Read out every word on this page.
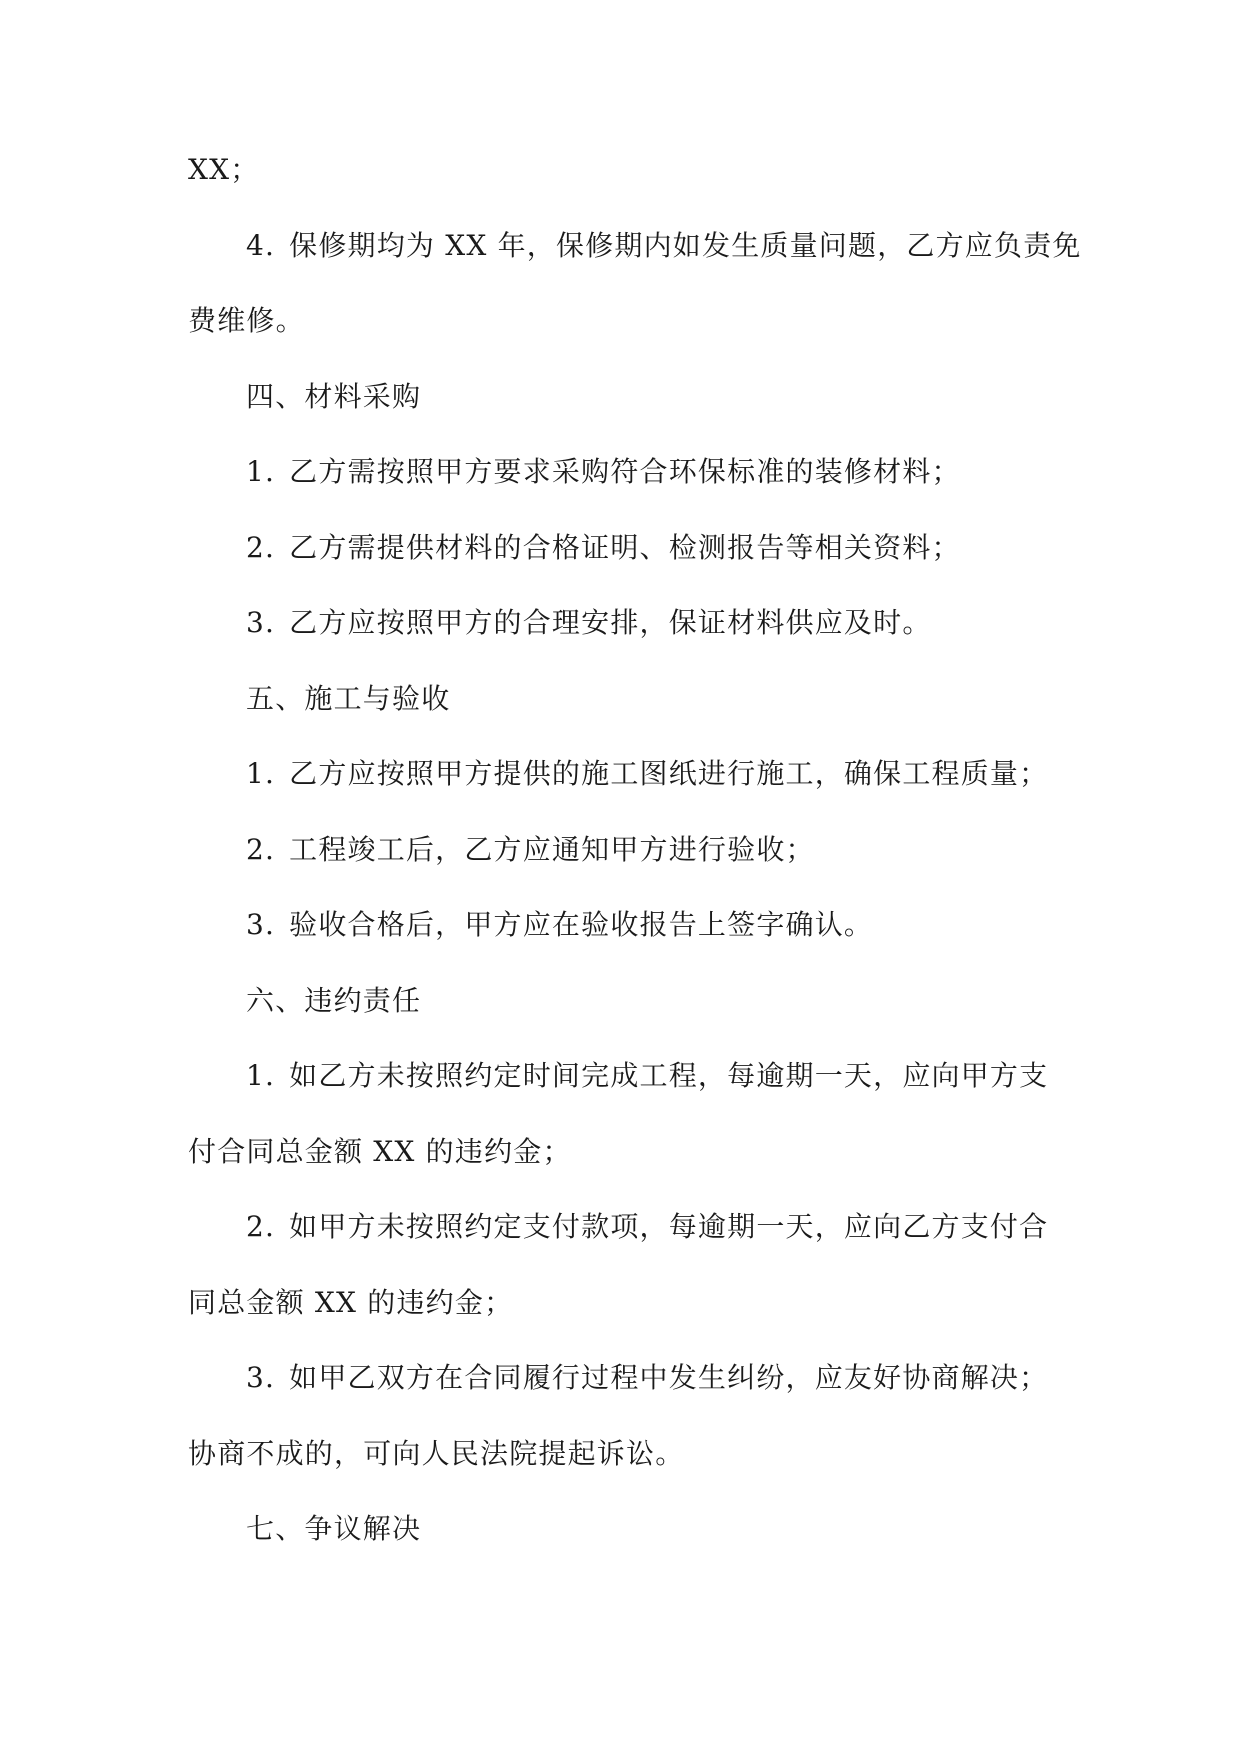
XX；

4. 保修期均为 XX 年，保修期内如发生质量问题，乙方应负责免

费维修。

四、材料采购

1. 乙方需按照甲方要求采购符合环保标准的装修材料；

2. 乙方需提供材料的合格证明、检测报告等相关资料；

3. 乙方应按照甲方的合理安排，保证材料供应及时。

五、施工与验收

1. 乙方应按照甲方提供的施工图纸进行施工，确保工程质量；

2. 工程竣工后，乙方应通知甲方进行验收；

3. 验收合格后，甲方应在验收报告上签字确认。

六、违约责任

1. 如乙方未按照约定时间完成工程，每逾期一天，应向甲方支

付合同总金额 XX 的违约金；

2. 如甲方未按照约定支付款项，每逾期一天，应向乙方支付合

同总金额 XX 的违约金；

3. 如甲乙双方在合同履行过程中发生纠纷，应友好协商解决；

协商不成的，可向人民法院提起诉讼。

七、争议解决
